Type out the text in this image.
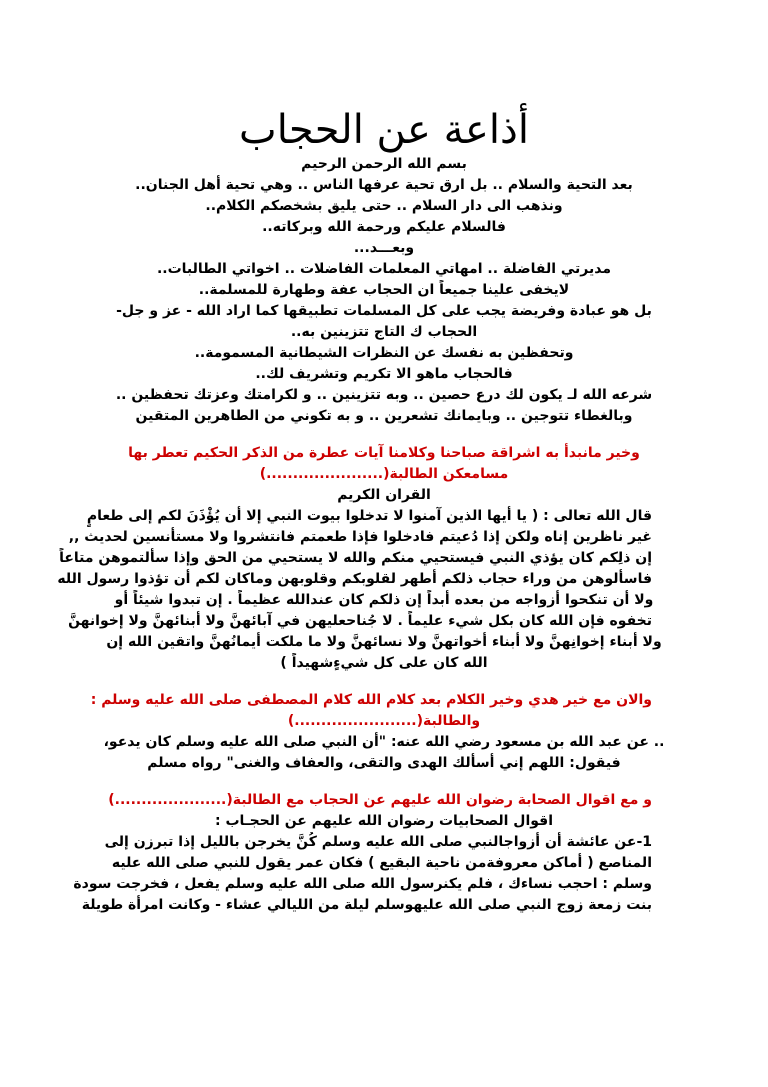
أذاعة عن الحجاب

بسم الله الرحمن الرحيم

بعد التحية والسلام .. بل ارق تحية عرفها الناس .. وهي تحية أهل الجنان..

ونذهب الى دار السلام .. حتى يليق بشخصكم الكلام..

فالسلام عليكم ورحمة الله وبركاته..

وبعـــد...

مديرتي الفاضلة .. امهاتي المعلمات الفاضلات .. اخواتي الطالبات..

لايخفى علينا جميعاً ان الحجاب عفة وطهارة للمسلمة..

بل هو عبادة وفريضة يجب على كل المسلمات تطبيقها كما اراد الله - عز و جل-

الحجاب ك التاج تتزينين به..

وتحفظين به نفسك عن النظرات الشيطانية المسمومة..

فالحجاب ماهو الا تكريم وتشريف لك..

شرعه الله لـ يكون لك درع حصين .. وبه تتزينين .. و لكرامتك وعزتك تحفظين ..

وبالغطاء تتوجين .. وبايمانك تشعرين .. و به تكوني من الطاهرين المتقين

وخير مانبدأ به اشراقة صباحنا وكلامنا آيات عطرة من الذكر الحكيم تعطر بها

مسامعكن الطالبة(......................)

القران الكريم

قال الله تعالى : ( يا أيها الذين آمنوا لا تدخلوا بيوت النبي إلا أن يُؤْذَنَ لكم إلى طعامٍ

غير ناظرين إناه ولكن إذا دُعيتم فادخلوا فإذا طعمتم فانتشروا ولا مستأنسين لحديث ,,

إن ذلِكم كان يؤذي النبي فيستحيي منكم والله لا يستحيي من الحق وإذا سألتموهن متاعاً

فاسألوهن من وراء حجاب ذلكم أطهر لقلوبكم وقلوبهن وماكان لكم أن تؤذوا رسول الله

ولا أن تنكحوا أزواجه من بعده أبداً إن ذلكم كان عندالله عظيماً . إن تبدوا شيئاً أو

تخفوه فإن الله كان بكل شيء عليماً . لا جُناحعليهن في آبائهنَّ ولا أبنائهنَّ ولا إخوانهنَّ

ولا أبناء إخوانِهنَّ ولا أبناء أخواتهنَّ ولا نسائهنَّ ولا ما ملكت أيمانُهنَّ واتقين الله إن

الله كان على كل شيءٍشهيداً )

والان مع خير هدي وخير الكلام بعد كلام الله كلام المصطفى صلى الله عليه وسلم :

والطالبة(.......................)

.. عن عبد الله بن مسعود رضي الله عنه: "أن النبي صلى الله عليه وسلم كان يدعو،

فيقول: اللهم إني أسألك الهدى والتقى، والعفاف والغنى" رواه مسلم

و مع اقوال الصحابة رضوان الله عليهم عن الحجاب مع الطالبة(.....................)

اقوال الصحابيات رضوان الله عليهم عن الحجـاب :

1-عن عائشة أن أزواجالنبي صلى الله عليه وسلم كُنَّ يخرجن بالليل إذا تبرزن إلى

المناصع ( أماكن معروفةمن ناحية البقيع ) فكان عمر يقول للنبي صلى الله عليه

وسلم : احجب نساءك ، فلم يكنرسول الله صلى الله عليه وسلم يفعل ، فخرجت سودة

بنت زمعة زوج النبي صلى الله عليهوسلم ليلة من الليالي عشاء - وكانت امرأة طويلة
